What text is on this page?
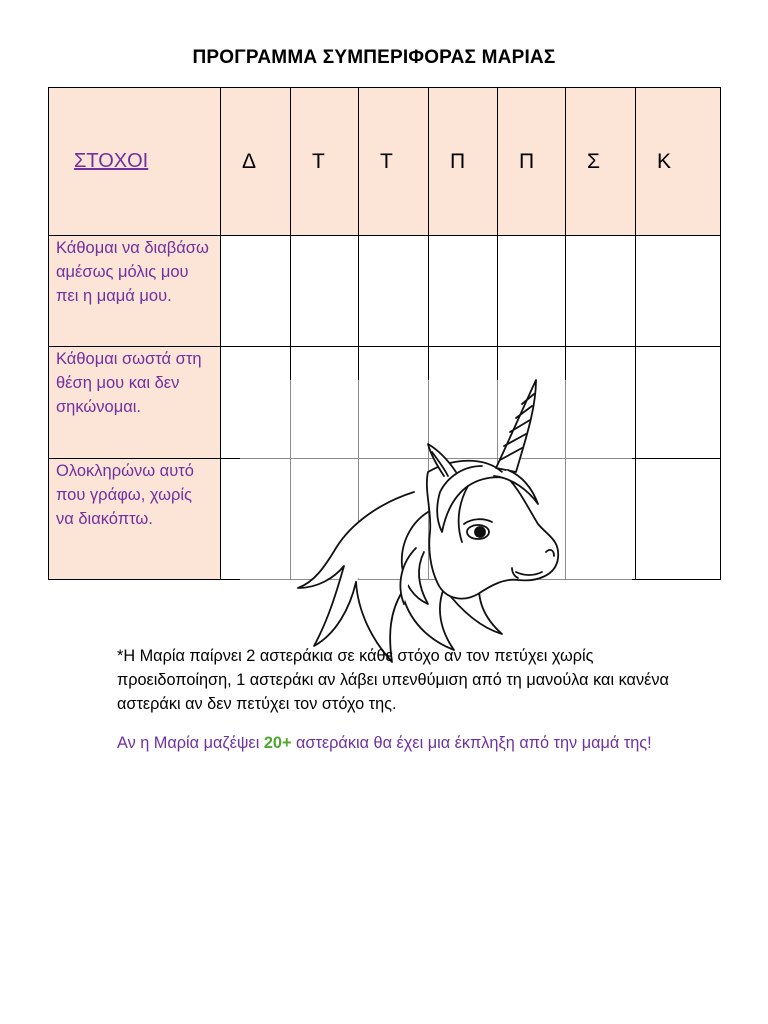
ΠΡΟΓΡΑΜΜΑ ΣΥΜΠΕΡΙΦΟΡΑΣ ΜΑΡΙΑΣ
ΣΤΟΧΟΙ	Δ	Τ	Τ	Π	Π	Σ	Κ
Κάθομαι να διαβάσω αμέσως μόλις μου πει η μαμά μου.							
Κάθομαι σωστά στη θέση μου και δεν σηκώνομαι.							
Ολοκληρώνω αυτό που γράφω, χωρίς να διακόπτω.							
*Η Μαρία παίρνει 2 αστεράκια σε κάθε στόχο αν τον πετύχει χωρίς προειδοποίηση, 1 αστεράκι αν λάβει υπενθύμιση από τη μανούλα και κανένα αστεράκι αν δεν πετύχει τον στόχο της.
Αν η Μαρία μαζέψει 20+ αστεράκια θα έχει μια έκπληξη από την μαμά της!
